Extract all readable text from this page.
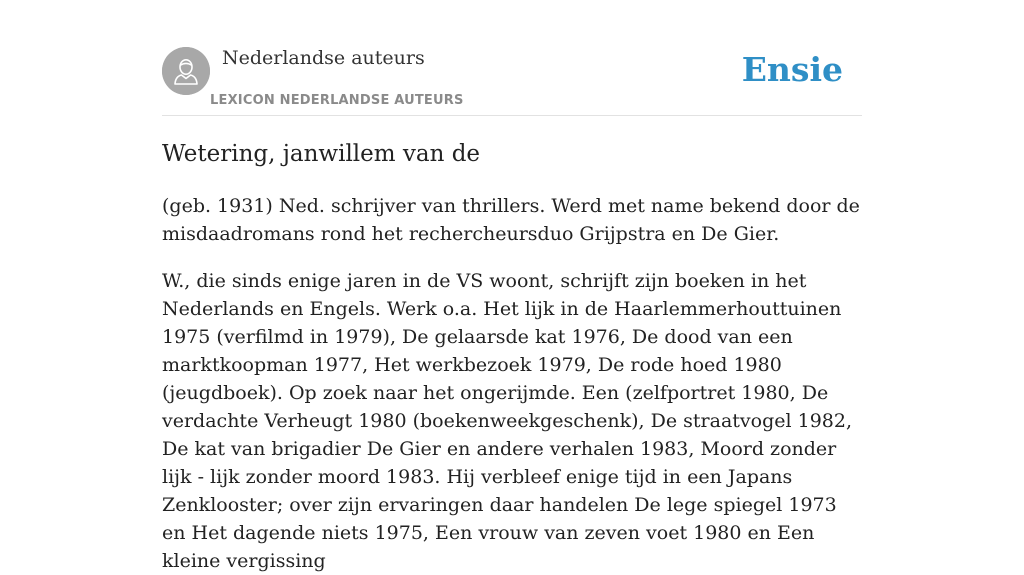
Nederlandse auteurs
LEXICON NEDERLANDSE AUTEURS
Ensie
Wetering, janwillem van de

(geb. 1931) Ned. schrijver van thrillers. Werd met name bekend door de misdaadromans rond het rechercheursduo Grijpstra en De Gier.

W., die sinds enige jaren in de VS woont, schrijft zijn boeken in het Nederlands en Engels. Werk o.a. Het lijk in de Haarlemmerhouttuinen 1975 (verfilmd in 1979), De gelaarsde kat 1976, De dood van een marktkoopman 1977, Het werkbezoek 1979, De rode hoed 1980 (jeugdboek). Op zoek naar het ongerijmde. Een (zelfportret 1980, De verdachte Verheugt 1980 (boekenweekgeschenk), De straatvogel 1982, De kat van brigadier De Gier en andere verhalen 1983, Moord zonder lijk - lijk zonder moord 1983. Hij verbleef enige tijd in een Japans Zenklooster; over zijn ervaringen daar handelen De lege spiegel 1973 en Het dagende niets 1975, Een vrouw van zeven voet 1980 en Een kleine vergissing
